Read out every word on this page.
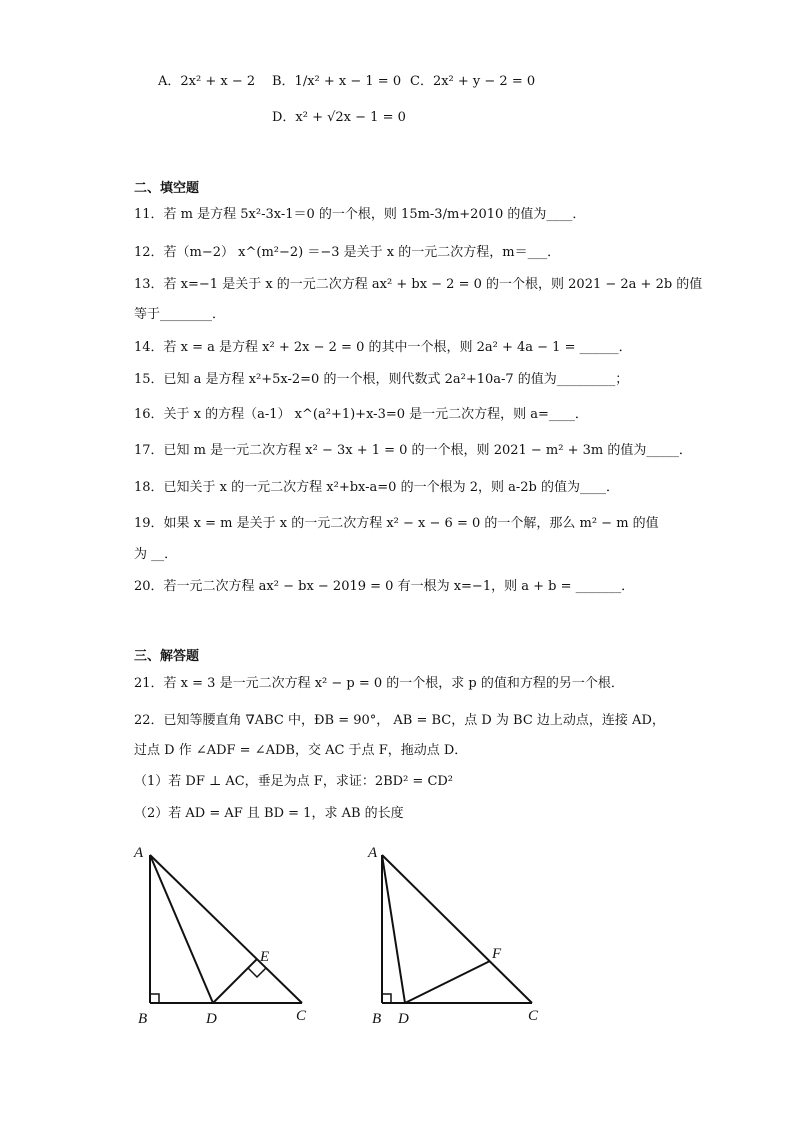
A．2x² + x − 2 B．1/x² + x − 1 = 0 C．2x² + y − 2 = 0
D．x² + √2x − 1 = 0
二、填空题
11．若 m 是方程 5x²-3x-1＝0 的一个根，则 15m-3/m+2010 的值为____．
12．若（m−2） x^(m²−2) ＝−3 是关于 x 的一元二次方程，m＝___．
13．若 x=−1 是关于 x 的一元二次方程 ax² + bx − 2 = 0 的一个根，则 2021 − 2a + 2b 的值
等于________．
14．若 x = a 是方程 x² + 2x − 2 = 0 的其中一个根，则 2a² + 4a − 1 = ______．
15．已知 a 是方程 x²+5x-2=0 的一个根，则代数式 2a²+10a-7 的值为_________；
16．关于 x 的方程（a-1） x^(a²+1)+x-3=0 是一元二次方程，则 a=____．
17．已知 m 是一元二次方程 x² − 3x + 1 = 0 的一个根，则 2021 − m² + 3m 的值为_____．
18．已知关于 x 的一元二次方程 x²+bx-a=0 的一个根为 2，则 a-2b 的值为____．
19．如果 x = m 是关于 x 的一元二次方程 x² − x − 6 = 0 的一个解，那么 m² − m 的值
为 __．
20．若一元二次方程 ax² − bx − 2019 = 0 有一根为 x=−1，则 a + b = _______．
三、解答题
21．若 x = 3 是一元二次方程 x² − p = 0 的一个根，求 p 的值和方程的另一个根．
22．已知等腰直角 ∇ABC 中，ÐB = 90°， AB = BC，点 D 为 BC 边上动点，连接 AD，
过点 D 作 ∠ADF = ∠ADB，交 AC 于点 F，拖动点 D．
（1）若 DF ⊥ AC，垂足为点 F，求证：2BD² = CD²
（2）若 AD = AF 且 BD = 1，求 AB 的长度
A
B	D	C
E
A
B D	C
F
